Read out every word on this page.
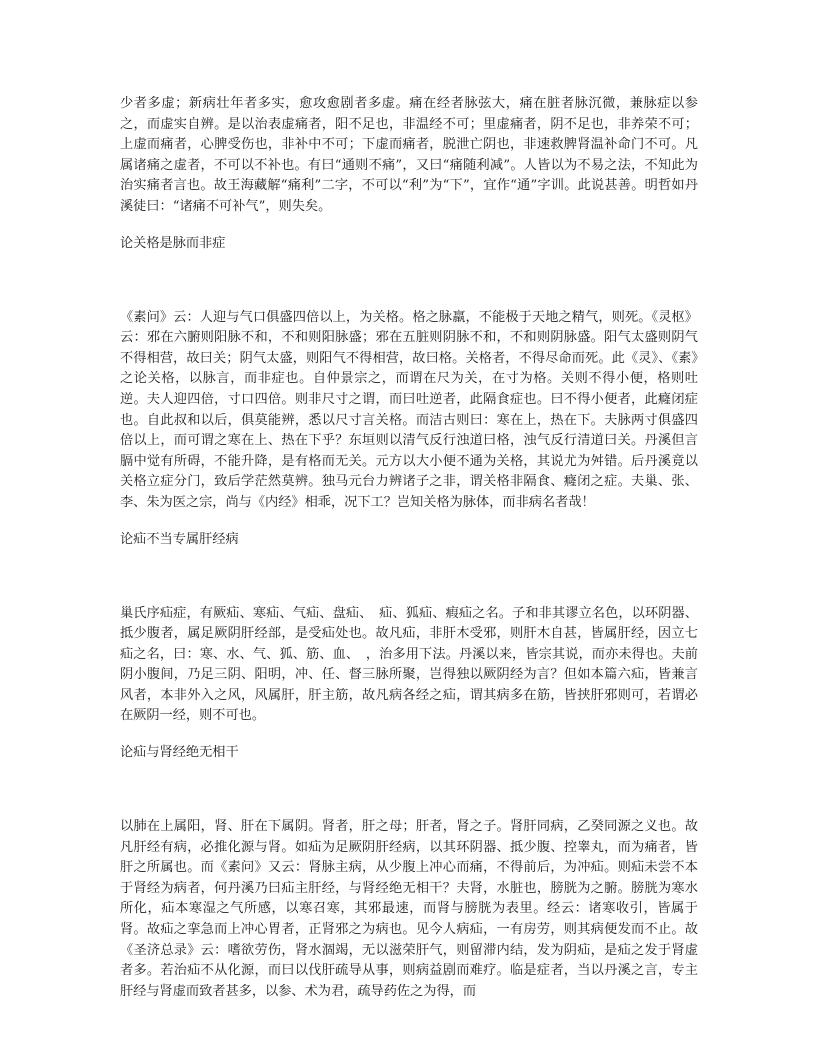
少者多虚；新病壮年者多实，愈攻愈剧者多虚。痛在经者脉弦大，痛在脏者脉沉微，兼脉症以参之，而虚实自辨。是以治表虚痛者，阳不足也，非温经不可；里虚痛者，阴不足也，非养荣不可；上虚而痛者，心脾受伤也，非补中不可；下虚而痛者，脱泄亡阴也，非速救脾肾温补命门不可。凡属诸痛之虚者，不可以不补也。有曰“通则不痛”，又曰“痛随利减”。人皆以为不易之法，不知此为治实痛者言也。故王海藏解“痛利”二字，不可以“利”为“下”，宜作“通”字训。此说甚善。明哲如丹溪徒曰：“诸痛不可补气”，则失矣。

论关格是脉而非症

《素问》云：人迎与气口俱盛四倍以上，为关格。格之脉羸，不能极于天地之精气，则死。《灵枢》云：邪在六腑则阳脉不和，不和则阳脉盛；邪在五脏则阴脉不和，不和则阴脉盛。阳气太盛则阴气不得相营，故曰关；阴气太盛，则阳气不得相营，故曰格。关格者，不得尽命而死。此《灵》、《素》之论关格，以脉言，而非症也。自仲景宗之，而谓在尺为关，在寸为格。关则不得小便，格则吐逆。夫人迎四倍，寸口四倍。则非尺寸之谓，而曰吐逆者，此隔食症也。曰不得小便者，此癃闭症也。自此叔和以后，俱莫能辨，悉以尺寸言关格。而洁古则曰：寒在上，热在下。夫脉两寸俱盛四倍以上，而可谓之寒在上、热在下乎？东垣则以清气反行浊道曰格，浊气反行清道曰关。丹溪但言膈中觉有所碍，不能升降，是有格而无关。元方以大小便不通为关格，其说尤为舛错。后丹溪竟以关格立症分门，致后学茫然莫辨。独马元台力辨诸子之非，谓关格非隔食、癃闭之症。夫巢、张、李、朱为医之宗，尚与《内经》相乖，况下工？岂知关格为脉体，而非病名者哉！

论疝不当专属肝经病

巢氏序疝症，有厥疝、寒疝、气疝、盘疝、　疝、狐疝、瘕疝之名。子和非其谬立名色，以环阴器、抵少腹者，属足厥阴肝经部，是受疝处也。故凡疝，非肝木受邪，则肝木自甚，皆属肝经，因立七疝之名，曰：寒、水、气、狐、筋、血、　，治多用下法。丹溪以来，皆宗其说，而亦未得也。夫前阴小腹间，乃足三阴、阳明，冲、任、督三脉所聚，岂得独以厥阴经为言？但如本篇六疝，皆兼言风者，本非外入之风，风属肝，肝主筋，故凡病各经之疝，谓其病多在筋，皆挟肝邪则可，若谓必在厥阴一经，则不可也。

论疝与肾经绝无相干

以肺在上属阳，肾、肝在下属阴。肾者，肝之母；肝者，肾之子。肾肝同病，乙癸同源之义也。故凡肝经有病，必推化源与肾。如疝为足厥阴肝经病，以其环阴器、抵少腹、控睾丸，而为痛者，皆肝之所属也。而《素问》又云：肾脉主病，从少腹上冲心而痛，不得前后，为冲疝。则疝未尝不本于肾经为病者，何丹溪乃曰疝主肝经，与肾经绝无相干？夫肾，水脏也，膀胱为之腑。膀胱为寒水所化，疝本寒湿之气所感，以寒召寒，其邪最速，而肾与膀胱为表里。经云：诸寒收引，皆属于肾。故疝之挛急而上冲心胃者，正肾邪之为病也。见今人病疝，一有房劳，则其病便发而不止。故《圣济总录》云：嗜欲劳伤，肾水涸竭，无以滋荣肝气，则留滞内结，发为阴疝，是疝之发于肾虚者多。若治疝不从化源，而曰以伐肝疏导从事，则病益剧而难疗。临是症者，当以丹溪之言，专主肝经与肾虚而致者甚多，以参、术为君，疏导药佐之为得，而
